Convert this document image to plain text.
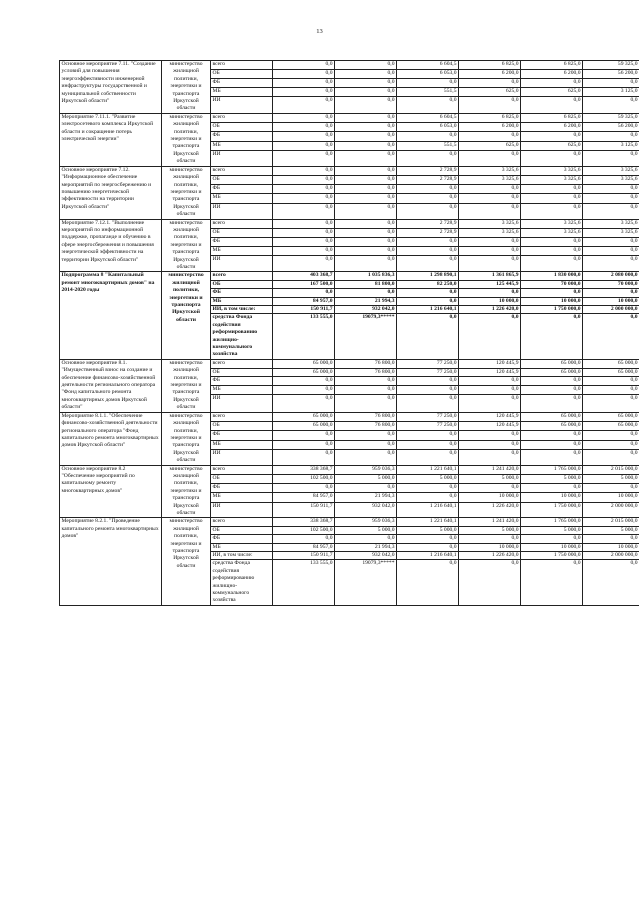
13
Основное мероприятие 7.11. "Создание условий для повышения энергоэффективности инженерной инфраструктуры государственной и муниципальной собственности Иркутской области"	министерство жилищной политики, энергетики и транспорта Иркутской области	всего	0,0	0,0	6 604,5	6 825,0	6 825,0	59 325,0	
		ОБ	0,0	0,0	6 053,0	6 200,0	6 200,0	56 200,0	
		ФБ	0,0	0,0	0,0	0,0	0,0	0,0	
		МБ	0,0	0,0	551,5	625,0	625,0	3 125,0	
		ИИ	0,0	0,0	0,0	0,0	0,0	0,0	
Мероприятие 7.11.1. "Развитие электросетевого комплекса Иркутской области и сокращение потерь электрической энергии"	министерство жилищной политики, энергетики и транспорта Иркутской области	всего	0,0	0,0	6 604,5	6 825,0	6 825,0	59 325,0	
		ОБ	0,0	0,0	6 053,0	6 200,0	6 200,0	56 200,0	
		ФБ	0,0	0,0	0,0	0,0	0,0	0,0	
		МБ	0,0	0,0	551,5	625,0	625,0	3 125,0	
		ИИ	0,0	0,0	0,0	0,0	0,0	0,0	
Основное мероприятие 7.12. "Информационное обеспечение мероприятий по энергосбережению и повышению энергетической эффективности на территории Иркутской области"	министерство жилищной политики, энергетики и транспорта Иркутской области	всего	0,0	0,0	2 728,9	3 325,6	3 325,6	3 325,6	
		ОБ	0,0	0,0	2 728,9	3 325,6	3 325,6	3 325,6	
		ФБ	0,0	0,0	0,0	0,0	0,0	0,0	
		МБ	0,0	0,0	0,0	0,0	0,0	0,0	
		ИИ	0,0	0,0	0,0	0,0	0,0	0,0	
Мероприятие 7.12.1. "Выполнение мероприятий по информационной поддержке, пропаганде и обучению в сфере энергосбережения и повышения энергетической эффективности на территории Иркутской области"	министерство жилищной политики, энергетики и транспорта Иркутской области	всего	0,0	0,0	2 728,9	3 325,6	3 325,6	3 325,6	
		ОБ	0,0	0,0	2 728,9	3 325,6	3 325,6	3 325,6	
		ФБ	0,0	0,0	0,0	0,0	0,0	0,0	
		МБ	0,0	0,0	0,0	0,0	0,0	0,0	
		ИИ	0,0	0,0	0,0	0,0	0,0	0,0	
Подпрограмма 8 "Капитальный ремонт многоквартирных домов" на 2014-2020 годы	министерство жилищной политики, энергетики и транспорта Иркутской области	всего	403 368,7	1 035 836,3	1 298 890,1	1 361 865,9	1 830 000,0	2 080 000,0	
		ОБ	167 500,0	81 800,0	82 250,0	125 445,9	70 000,0	70 000,0	
		ФБ	0,0	0,0	0,0	0,0	0,0	0,0	
		МБ	84 957,0	21 994,3	0,0	10 000,0	10 000,0	10 000,0	
		ИИ, в том числе:	150 911,7	932 042,0	1 216 640,1	1 226 420,0	1 750 000,0	2 000 000,0	
		средства Фонда содействия реформированию жилищно-коммунального хозяйства	133 555,0	19079,3*****	0,0	0,0	0,0	0,0	
Основное мероприятие 8.1. "Имущественный взнос на создание и обеспечение финансово-хозяйственной деятельности регионального оператора "Фонд капитального ремонта многоквартирных домов Иркутской области"	министерство жилищной политики, энергетики и транспорта Иркутской области	всего	65 000,0	76 800,0	77 250,0	120 445,9	65 000,0	65 000,0	
		ОБ	65 000,0	76 800,0	77 250,0	120 445,9	65 000,0	65 000,0	
		ФБ	0,0	0,0	0,0	0,0	0,0	0,0	
		МБ	0,0	0,0	0,0	0,0	0,0	0,0	
		ИИ	0,0	0,0	0,0	0,0	0,0	0,0	
Мероприятие 8.1.1. "Обеспечение финансово-хозяйственной деятельности регионального оператора "Фонд капитального ремонта многоквартирных домов Иркутской области"	министерство жилищной политики, энергетики и транспорта Иркутской области	всего	65 000,0	76 800,0	77 250,0	120 445,9	65 000,0	65 000,0	
		ОБ	65 000,0	76 800,0	77 250,0	120 445,9	65 000,0	65 000,0	
		ФБ	0,0	0,0	0,0	0,0	0,0	0,0	
		МБ	0,0	0,0	0,0	0,0	0,0	0,0	
		ИИ	0,0	0,0	0,0	0,0	0,0	0,0	
Основное мероприятие 8.2 "Обеспечение мероприятий по капитальному ремонту многоквартирных домов"	министерство жилищной политики, энергетики и транспорта Иркутской области	всего	338 368,7	959 036,3	1 221 640,1	1 241 420,0	1 765 000,0	2 015 000,0	
		ОБ	102 500,0	5 000,0	5 000,0	5 000,0	5 000,0	5 000,0	
		ФБ	0,0	0,0	0,0	0,0	0,0	0,0	
		МБ	84 957,0	21 994,3	0,0	10 000,0	10 000,0	10 000,0	
		ИИ	150 911,7	932 042,0	1 216 640,1	1 226 420,0	1 750 000,0	2 000 000,0	
Мероприятие 8.2.1. "Проведение капитального ремонта многоквартирных домов"	министерство жилищной политики, энергетики и транспорта Иркутской области	всего	338 368,7	959 036,3	1 221 640,1	1 241 420,0	1 765 000,0	2 015 000,0	
		ОБ	102 500,0	5 000,0	5 000,0	5 000,0	5 000,0	5 000,0	
		ФБ	0,0	0,0	0,0	0,0	0,0	0,0	
		МБ	84 957,0	21 994,3	0,0	10 000,0	10 000,0	10 000,0	
		ИИ, в том числе:	150 911,7	932 042,0	1 216 640,1	1 226 420,0	1 750 000,0	2 000 000,0	
		средства Фонда содействия реформированию жилищно-коммунального хозяйства	133 555,0	19079,3*****	0,0	0,0	0,0	0,0	
